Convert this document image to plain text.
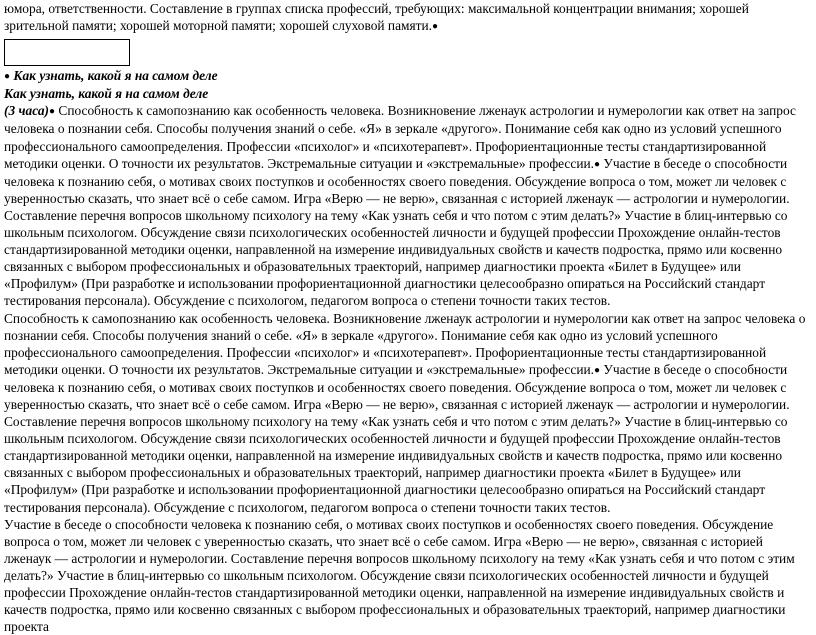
юмора, ответственности. Составление в группах списка профессий, требующих: максимальной концентрации внимания; хорошей зрительной памяти; хорошей моторной памяти; хорошей слуховой памяти.●

● Как узнать, какой я на самом деле

Как узнать, какой я на самом деле

(3 часа)● Способность к самопознанию как особенность человека. Возникновение лженаук астрологии и нумерологии как ответ на запрос человека о познании себя. Способы получения знаний о себе. «Я» в зеркале «другого». Понимание себя как одно из условий успешного профессионального самоопределения. Профессии «психолог» и «психотерапевт». Профориентационные тесты стандартизированной методики оценки. О точности их результатов. Экстремальные ситуации и «экстремальные» профессии.● Участие в беседе о способности человека к познанию себя, о мотивах своих поступков и особенностях своего поведения. Обсуждение вопроса о том, может ли человек с уверенностью сказать, что знает всё о себе самом. Игра «Верю — не верю», связанная с историей лженаук — астрологии и нумерологии. Составление перечня вопросов школьному психологу на тему «Как узнать себя и что потом с этим делать?» Участие в блиц-интервью со школьным психологом. Обсуждение связи психологических особенностей личности и будущей профессии Прохождение онлайн-тестов стандартизированной методики оценки, направленной на измерение индивидуальных свойств и качеств подростка, прямо или косвенно связанных с выбором профессиональных и образовательных траекторий, например диагностики проекта «Билет в Будущее» или «Профилум» (При разработке и использовании профориентационной диагностики целесообразно опираться на Российский стандарт тестирования персонала). Обсуждение с психологом, педагогом вопроса о степени точности таких тестов.

Способность к самопознанию как особенность человека. Возникновение лженаук астрологии и нумерологии как ответ на запрос человека о познании себя. Способы получения знаний о себе. «Я» в зеркале «другого». Понимание себя как одно из условий успешного профессионального самоопределения. Профессии «психолог» и «психотерапевт». Профориентационные тесты стандартизированной методики оценки. О точности их результатов. Экстремальные ситуации и «экстремальные» профессии.● Участие в беседе о способности человека к познанию себя, о мотивах своих поступков и особенностях своего поведения. Обсуждение вопроса о том, может ли человек с уверенностью сказать, что знает всё о себе самом. Игра «Верю — не верю», связанная с историей лженаук — астрологии и нумерологии. Составление перечня вопросов школьному психологу на тему «Как узнать себя и что потом с этим делать?» Участие в блиц-интервью со школьным психологом. Обсуждение связи психологических особенностей личности и будущей профессии Прохождение онлайн-тестов стандартизированной методики оценки, направленной на измерение индивидуальных свойств и качеств подростка, прямо или косвенно связанных с выбором профессиональных и образовательных траекторий, например диагностики проекта «Билет в Будущее» или «Профилум» (При разработке и использовании профориентационной диагностики целесообразно опираться на Российский стандарт тестирования персонала). Обсуждение с психологом, педагогом вопроса о степени точности таких тестов.

Участие в беседе о способности человека к познанию себя, о мотивах своих поступков и особенностях своего поведения. Обсуждение вопроса о том, может ли человек с уверенностью сказать, что знает всё о себе самом. Игра «Верю — не верю», связанная с историей лженаук — астрологии и нумерологии. Составление перечня вопросов школьному психологу на тему «Как узнать себя и что потом с этим делать?» Участие в блиц-интервью со школьным психологом. Обсуждение связи психологических особенностей личности и будущей профессии Прохождение онлайн-тестов стандартизированной методики оценки, направленной на измерение индивидуальных свойств и качеств подростка, прямо или косвенно связанных с выбором профессиональных и образовательных траекторий, например диагностики проекта
